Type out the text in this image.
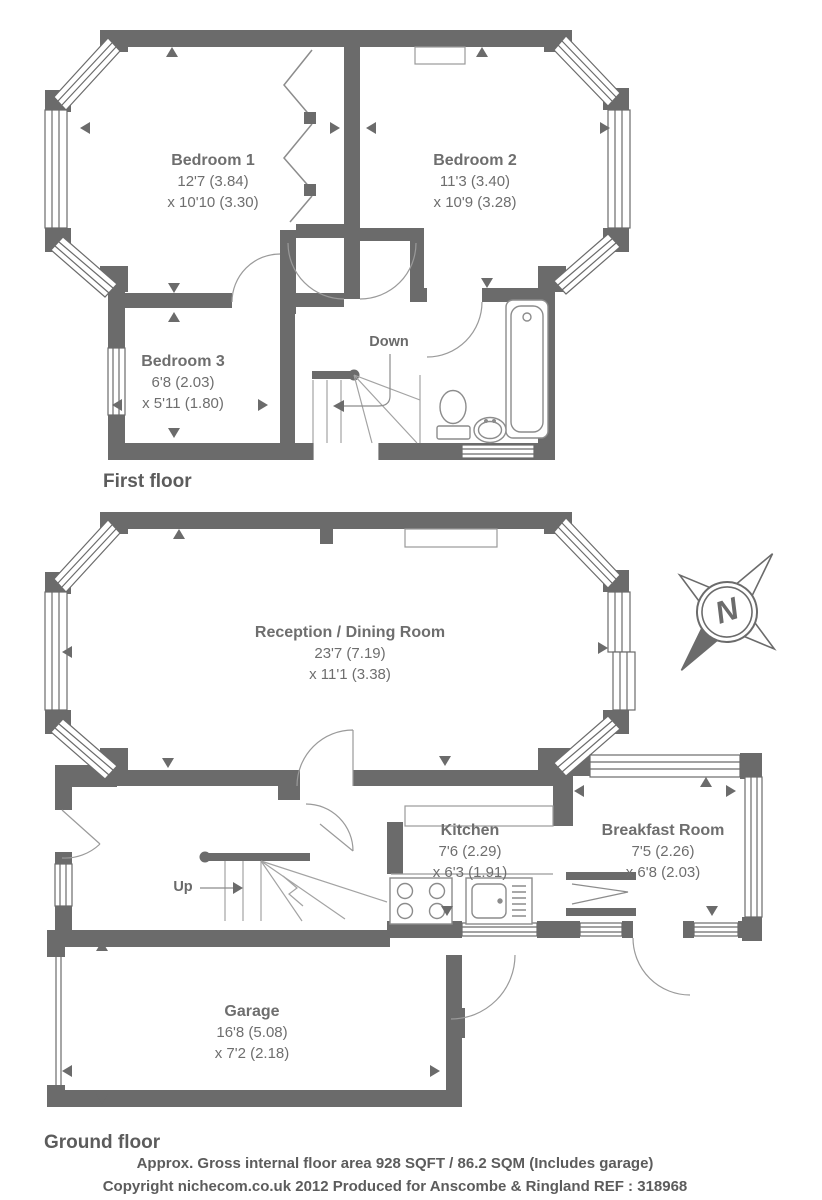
Bedroom 1
12'7 (3.84)
x 10'10 (3.30)
Bedroom 2
11'3 (3.40)
x 10'9 (3.28)
Bedroom 3
6'8 (2.03)
x 5'11 (1.80)
Down
First floor
Reception / Dining Room
23'7 (7.19)
x 11'1 (3.38)
Kitchen
7'6 (2.29)
x 6'3 (1.91)
Breakfast Room
7'5 (2.26)
x 6'8 (2.03)
Garage
16'8 (5.08)
x 7'2 (2.18)
Up
N
Ground floor
Approx. Gross internal floor area 928 SQFT / 86.2 SQM (Includes garage)
Copyright nichecom.co.uk 2012 Produced for Anscombe & Ringland REF : 318968
